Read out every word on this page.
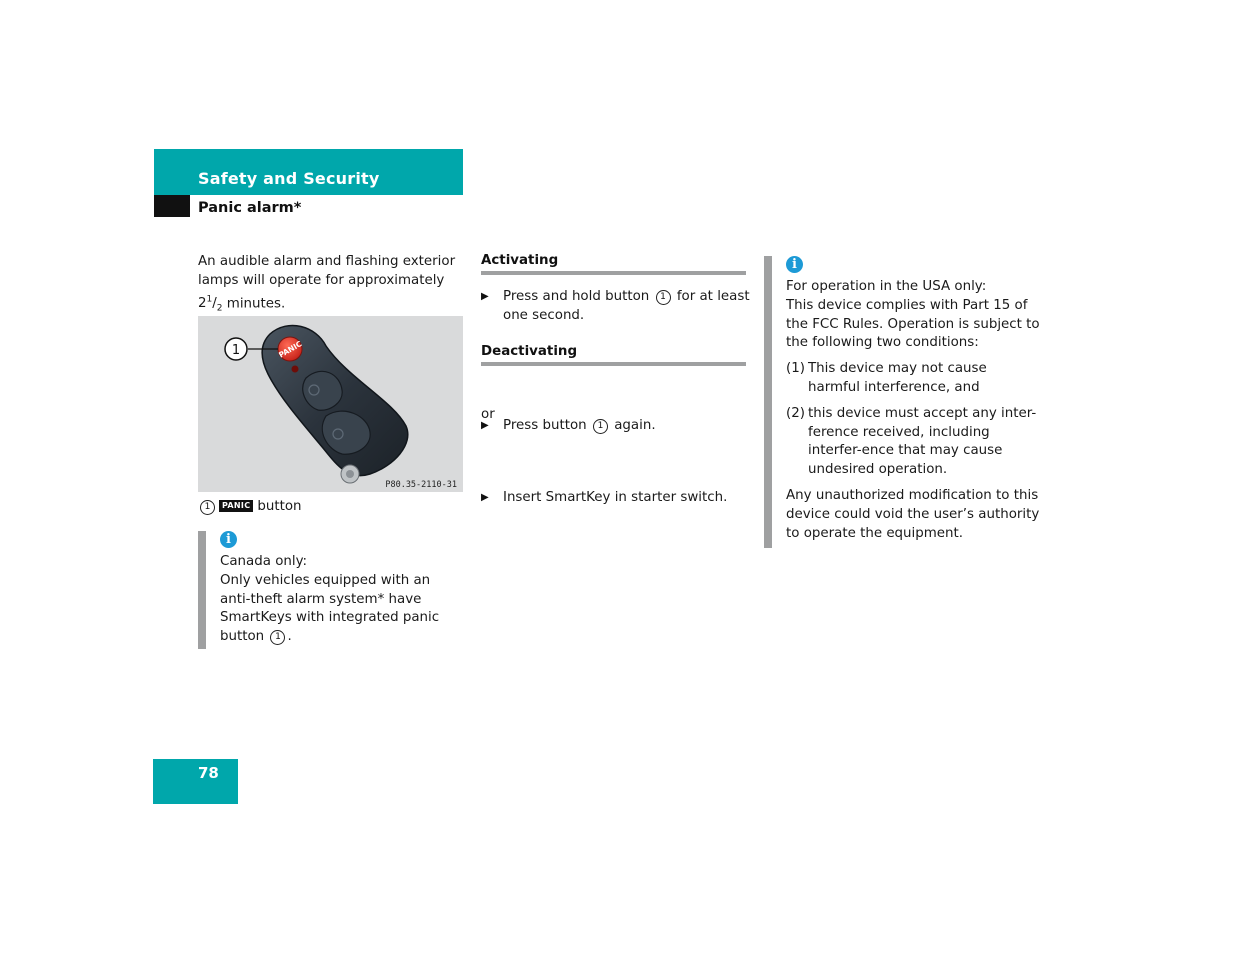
Safety and Security
Panic alarm*
An audible alarm and flashing exterior lamps will operate for approximately $2^1/_2$ minutes.
PANIC
1
P80.35-2110-31
1 PANIC button
i
Canada only:
Only vehicles equipped with an anti-theft alarm system* have SmartKeys with integrated panic button 1 .
Activating
▶ Press and hold button 1 for at least one second.
Deactivating
▶ Press button 1 again.
or
▶ Insert SmartKey in starter switch.
i
For operation in the USA only:
This device complies with Part 15 of the FCC Rules. Operation is subject to the following two conditions:
(1) This device may not cause harmful interference, and
(2) this device must accept any inter-ference received, including interfer-ence that may cause undesired operation.
Any unauthorized modification to this device could void the user’s authority to operate the equipment.
78
